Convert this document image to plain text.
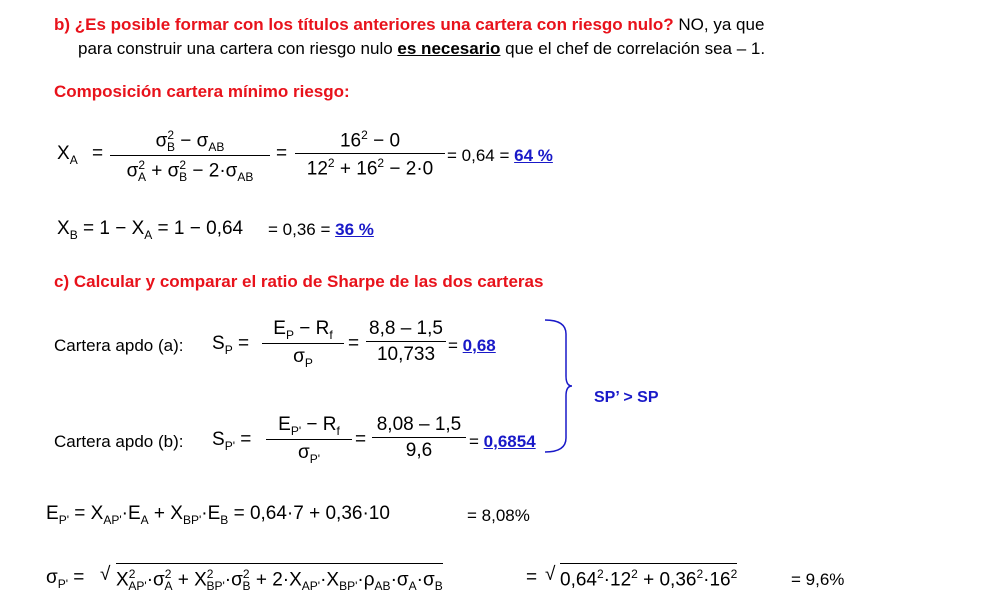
b) ¿Es posible formar con los títulos anteriores una cartera con riesgo nulo? NO, ya que
para construir una cartera con riesgo nulo es necesario que el chef de correlación sea – 1.
Composición cartera mínimo riesgo:
$X_A$ =
$\sigma^2_B - \sigma_{AB}$
$\sigma^2_A + \sigma^2_B - 2\cdot\sigma_{AB}$
= $\frac{16^2 - 0}{12^2 + 16^2 - 2\cdot 0} = 0,64 = 64$ %
$X_B = 1 - X_A = 1 - 0,64 = 0,36 = 36$ %
c) Calcular y comparar el ratio de Sharpe de las dos carteras
Cartera apdo (a): $S_P = \frac{E_P - R_f}{\sigma_P} = \frac{8,8 - 1,5}{10,733} = 0,68$
Cartera apdo (b): $S_{P'} = \frac{E_{P'} - R_f}{\sigma_{P'}} = \frac{8,08 - 1,5}{9,6} = 0,6854$
SP’ > SP
$E_{P'} = X_{AP'}\cdot E_A + X_{BP'}\cdot E_B = 0,64\cdot 7 + 0,36\cdot 10$	= 8,08%
$\sigma_{P'}$ = √ $X^2_{AP'}\cdot\sigma^2_A + X^2_{BP'}\cdot\sigma^2_B + 2\cdot X_{AP'}\cdot X_{BP'}\cdot\rho_{AB}\cdot\sigma_A\cdot\sigma_B$	= √ $0,64^2\cdot 12^2 + 0,36^2\cdot 16^2$	= 9,6%
